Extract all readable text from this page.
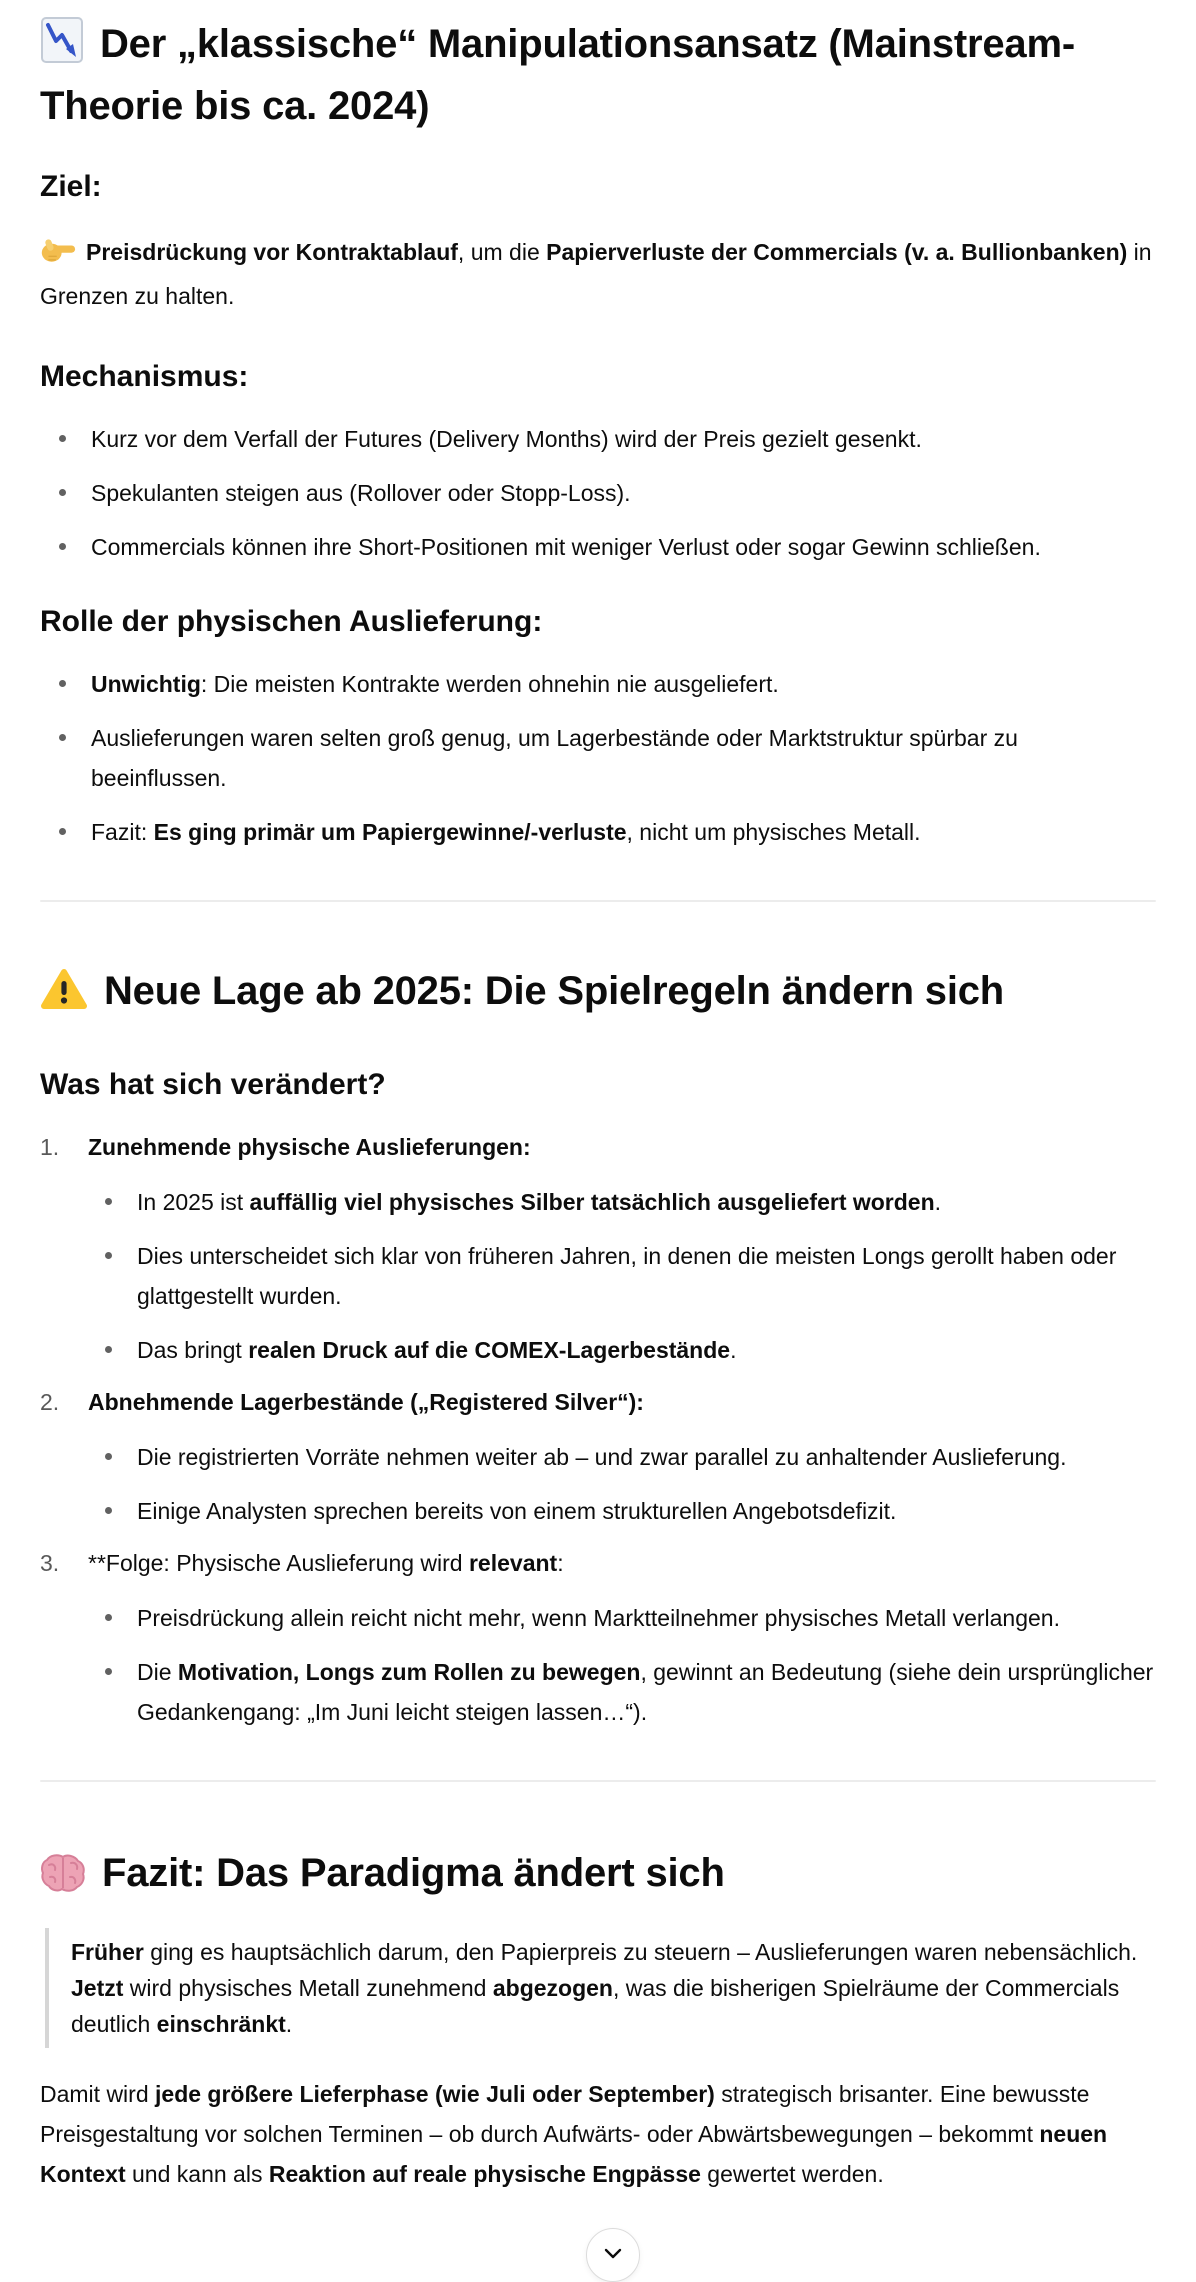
Der „klassische“ Manipulationsansatz (Mainstream-Theorie bis ca. 2024)
Ziel:

Preisdrückung vor Kontraktablauf, um die Papierverluste der Commercials (v. a. Bullionbanken) in Grenzen zu halten.

Mechanismus:
Kurz vor dem Verfall der Futures (Delivery Months) wird der Preis gezielt gesenkt.
Spekulanten steigen aus (Rollover oder Stopp-Loss).
Commercials können ihre Short-Positionen mit weniger Verlust oder sogar Gewinn schließen.
Rolle der physischen Auslieferung:
Unwichtig: Die meisten Kontrakte werden ohnehin nie ausgeliefert.
Auslieferungen waren selten groß genug, um Lagerbestände oder Marktstruktur spürbar zu beeinflussen.
Fazit: Es ging primär um Papiergewinne/-verluste, nicht um physisches Metall.
Neue Lage ab 2025: Die Spielregeln ändern sich
Was hat sich verändert?
1. Zunehmende physische Auslieferungen:
In 2025 ist auffällig viel physisches Silber tatsächlich ausgeliefert worden.
Dies unterscheidet sich klar von früheren Jahren, in denen die meisten Longs gerollt haben oder glattgestellt wurden.
Das bringt realen Druck auf die COMEX-Lagerbestände.
2. Abnehmende Lagerbestände („Registered Silver“):
Die registrierten Vorräte nehmen weiter ab – und zwar parallel zu anhaltender Auslieferung.
Einige Analysten sprechen bereits von einem strukturellen Angebotsdefizit.
3. **Folge: Physische Auslieferung wird relevant:
Preisdrückung allein reicht nicht mehr, wenn Marktteilnehmer physisches Metall verlangen.
Die Motivation, Longs zum Rollen zu bewegen, gewinnt an Bedeutung (siehe dein ursprünglicher Gedankengang: „Im Juni leicht steigen lassen…“).
Fazit: Das Paradigma ändert sich
Früher ging es hauptsächlich darum, den Papierpreis zu steuern – Auslieferungen waren nebensächlich.
Jetzt wird physisches Metall zunehmend abgezogen, was die bisherigen Spielräume der Commercials deutlich einschränkt.

Damit wird jede größere Lieferphase (wie Juli oder September) strategisch brisanter. Eine bewusste Preisgestaltung vor solchen Terminen – ob durch Aufwärts- oder Abwärtsbewegungen – bekommt neuen Kontext und kann als Reaktion auf reale physische Engpässe gewertet werden.
